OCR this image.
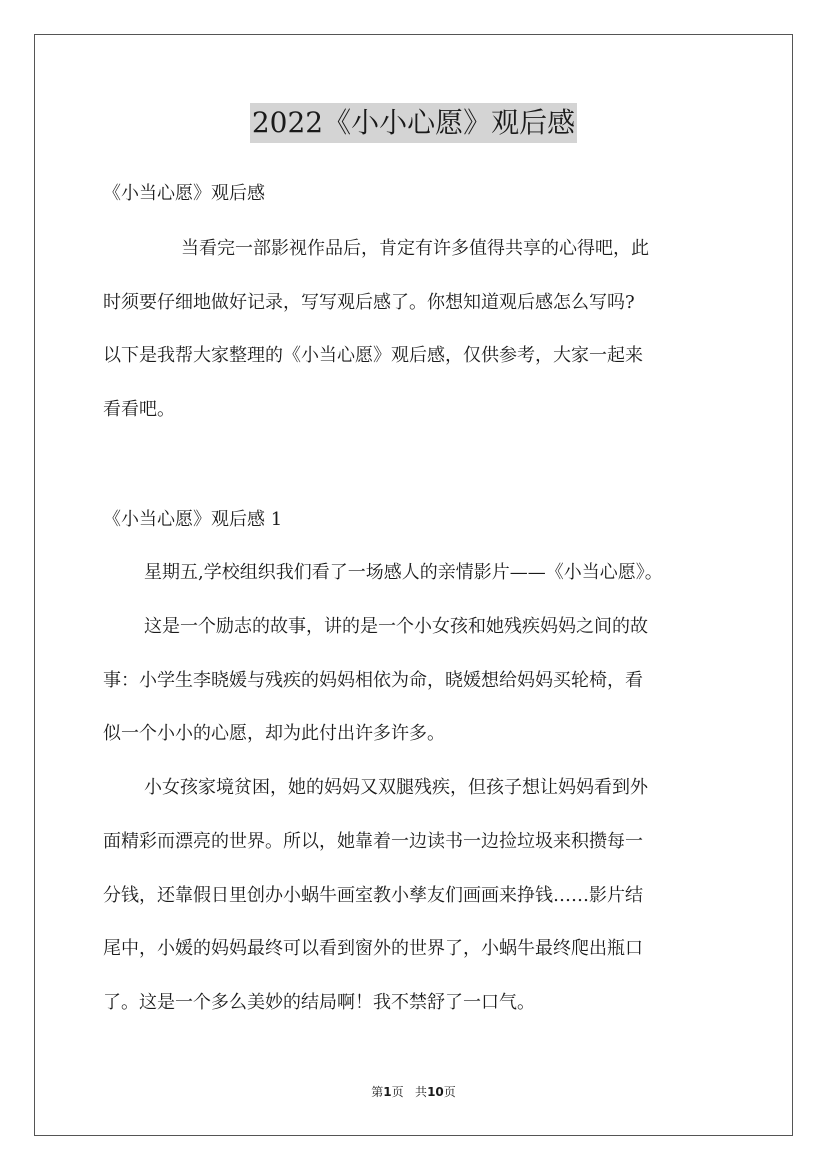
2022《小小心愿》观后感
《小当心愿》观后感
当看完一部影视作品后，肯定有许多值得共享的心得吧，此
时须要仔细地做好记录，写写观后感了。你想知道观后感怎么写吗?
以下是我帮大家整理的《小当心愿》观后感，仅供参考，大家一起来
看看吧。
《小当心愿》观后感 1
星期五,学校组织我们看了一场感人的亲情影片——《小当心愿》。
这是一个励志的故事，讲的是一个小女孩和她残疾妈妈之间的故
事：小学生李晓媛与残疾的妈妈相依为命，晓媛想给妈妈买轮椅，看
似一个小小的心愿，却为此付出许多许多。
小女孩家境贫困，她的妈妈又双腿残疾，但孩子想让妈妈看到外
面精彩而漂亮的世界。所以，她靠着一边读书一边捡垃圾来积攒每一
分钱，还靠假日里创办小蜗牛画室教小孳友们画画来挣钱……影片结
尾中，小媛的妈妈最终可以看到窗外的世界了，小蜗牛最终爬出瓶口
了。这是一个多么美妙的结局啊！我不禁舒了一口气。
第1页 共10页
